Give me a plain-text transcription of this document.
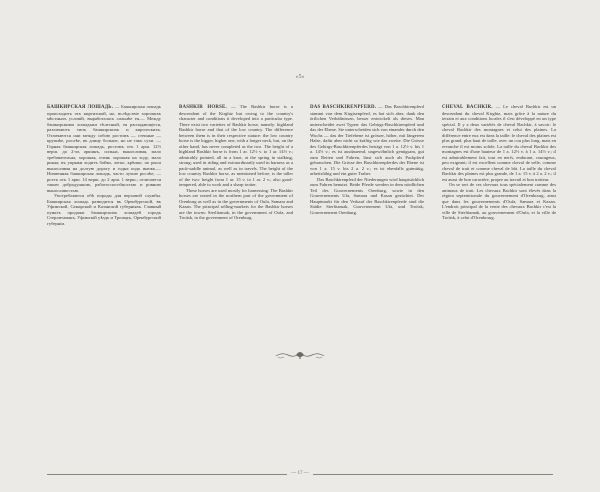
«5»

БАШКИРСКАЯ ЛОШАДЬ. — Башкирская лошадь происходитъ отъ киргизской, но, вслѣдствіе хорошихъ мѣстныхъ условій, выработалась сильнѣе ея.— Между башкирскими лошадьми тѣлесный, ея распадающіеся, различаютъ типъ башкирскихъ и киргизскихъ. Отличаются они между собою ростомъ — степные — крупнѣе, рослѣе, въ длину больше, но не такъ сухи. — Горная башкирская лошадь, ростомъ отъ 1 арш. 12½ верш. до 2-хъ аршинъ, сильна, выносливая, мало требовательна, хорошая, очень хорошая на ходу, мало рьяна; въ упряжи ходитъ бойко, легко, крѣпко; по рыси выносливая на долгую дорогу и годна подъ вьюкъ.— Низменная башкирская лошадь, часто лучше рослѣе, — ростъ отъ 1 арш. 14 верш. до 2 арш. 1 верш.; отличается такою добродушною, работоспособностью и ровною выносливостью.

Употребляются обѣ породы для верховой службы. Башкирская лошадь разводится въ Оренбургской, въ Уфимской, Самарской и Казанской губерніяхъ. Главный пунктъ продажи башкирскихъ лошадей городъ Стерлитамакъ, Уфимскій уѣздъ и Троицкъ, Оренбургской губерніи.

BASHKIR HORSE. — The Bashkir horse is a descendant of the Kirghiz but owing to the country's character and conditions it developed into a particular type. There exist two varieties of Bashkir horse, namely: highland Bashkir horse and that of the low country. The difference between them is in their respective stature: the low country horse is the bigger, higher one, with a longer neck, but, on the other hand, has never completed as the two. The height of a highland Bashkir horse is from 1 ar. 12½ v. to 1 ar. 14½ v.; admirably pointed, all in a knot, at the spring in stalking, strong; used in riding and extraordinarily used in harness as a pack-saddle animal, as well as in travels. The height of the low country Bashkir horse, as mentioned before, is the taller of the two: height from 1 ar. 15 v. to 1 ar. 2 v.; also good-tempered, able to work and a sharp trotter.

These horses are used mostly for harnessing. The Bashkir horses are reared in the northern part of the government of Orenburg as well as in the governments of Oufa, Samara and Kazan. The principal selling-markets for the Bashkir horses are the towns: Sterlitamak, in the government of Oufa, and Troitsk, in the government of Orenburg.

DAS BASCHKIRENPFERD. — Das Baschkirenpferd stammt von dem Kirgisenpferd, es hat sich aber, dank den örtlichen Verhältnissen, besser entwickelt als dieses. Man unterscheidet zwei Typen: das Gebirgs-Baschkirenpferd und das der Ebene. Sie unterscheiden sich von einander durch den Wuchs — das der Tiefebene ist grösser, höher, mit längerem Halse, dafür aber nicht so kräftig wie das zweite. Die Grösse des Gebirgs-Baschkirenpferdes beträgt von 1 a. 12½ v. bis 1 a. 14½ v.; es ist ausdauernd, ungewöhnlich genügsam, gut zum Reiten und Fahren, lässt sich auch als Packpferd gebrauchen. Die Grösse des Baschkirenpferdes der Ebene ist von 1 a. 15 v. bis 2 a. 2 v.; es ist ebenfalls gutmütig, arbeitsfähig und ein guter Traber.

Das Baschkirenpferd der Niederungen wird hauptsächlich zum Fahren benutzt. Beide Pferde werden in dem nördlichen Teil des Gouvernements Orenburg, sowie in den Gouvernements Ufa, Samara und Kasan gezüchtet. Der Hauptmarkt für den Verkauf der Baschkirenpferde sind die Städte Sterlitamak, Gouvernement Ufa, und Troitsk, Gouvernement Orenburg.

CHEVAL BACHKIR. — Le cheval Bachkir est un descendant du cheval Kirghiz, mais grâce à la nature du terrain et aux conditions locales il s'est développé en un type spécial. Il y a deux variétés de cheval Bachkir, à savoir: le cheval Bachkir des montagnes et celui des plaines. La différence entre eux est dans la taille: le cheval des plaines est plus grand, plus haut de taille, avec un cou plus long, mais en revanche il est moins solide. La taille du cheval Bachkir des montagnes est d'une hauteur de 1 a. 12½ v. à 1 a. 14½ v.; il est admirablement fait, tout en nerfs, endurant, courageux, peu exigeant; il est excellent comme cheval de selle, comme cheval de trait et comme cheval de bât. La taille du cheval Bachkir des plaines est plus grande, de 1 a. 15 v. à 2 a. 2 v.; il est aussi de bon caractère, propre au travail et bon trotteur.

On se sert de ces chevaux tous spécialement comme des animaux de trait. Les chevaux Bachkir sont élevés dans la région septentrionale du gouvernement d'Orenbourg, ainsi que dans les gouvernements d'Oufa, Samara et Kazan. L'endroit principal de la vente des chevaux Bachkir c'est la ville de Sterlitamak, au gouvernement d'Oufa, et la ville de Troïtsk, à celui d'Orenbourg.

— 17 —
